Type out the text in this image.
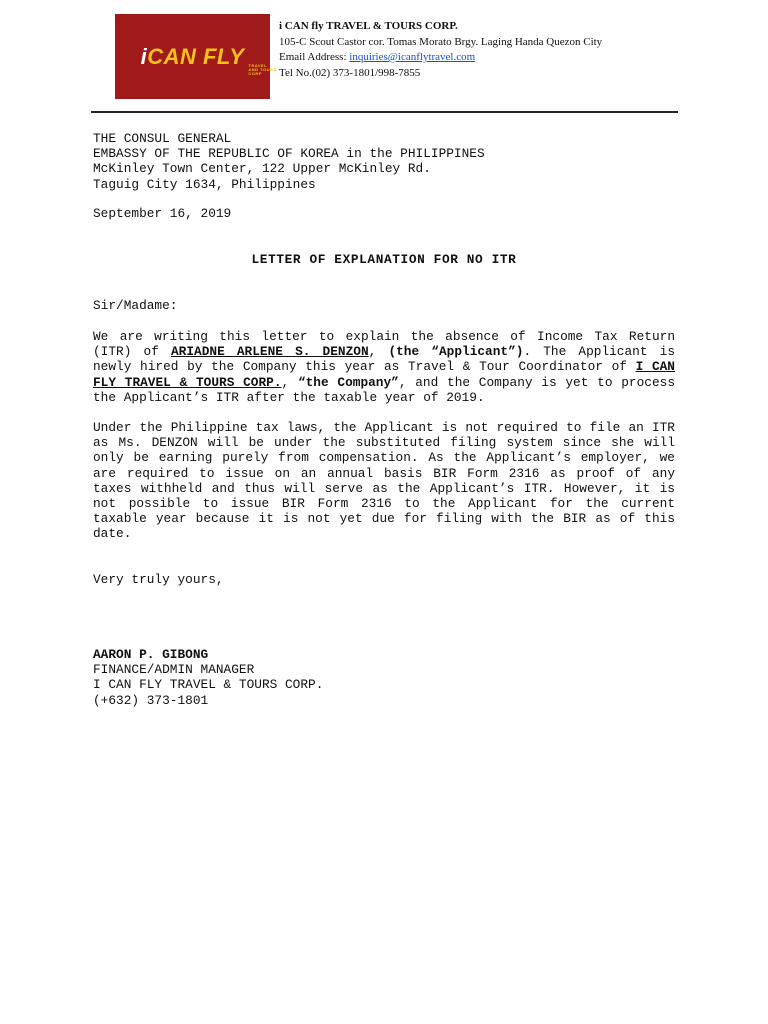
iCAN FLY TRAVEL AND TOURS CORP
i CAN fly TRAVEL & TOURS CORP.
105-C Scout Castor cor. Tomas Morato Brgy. Laging Handa Quezon City
Email Address: inquiries@icanflytravel.com
Tel No.(02) 373-1801/998-7855
THE CONSUL GENERAL
EMBASSY OF THE REPUBLIC OF KOREA in the PHILIPPINES
McKinley Town Center, 122 Upper McKinley Rd.
Taguig City 1634, Philippines
September 16, 2019
LETTER OF EXPLANATION FOR NO ITR
Sir/Madame:
We are writing this letter to explain the absence of Income Tax Return (ITR) of ARIADNE ARLENE S. DENZON, (the “Applicant”). The Applicant is newly hired by the Company this year as Travel & Tour Coordinator of I CAN FLY TRAVEL & TOURS CORP., “the Company”, and the Company is yet to process the Applicant’s ITR after the taxable year of 2019.
Under the Philippine tax laws, the Applicant is not required to file an ITR as Ms. DENZON will be under the substituted filing system since she will only be earning purely from compensation. As the Applicant’s employer, we are required to issue on an annual basis BIR Form 2316 as proof of any taxes withheld and thus will serve as the Applicant’s ITR. However, it is not possible to issue BIR Form 2316 to the Applicant for the current taxable year because it is not yet due for filing with the BIR as of this date.
Very truly yours,
AARON P. GIBONG
FINANCE/ADMIN MANAGER
I CAN FLY TRAVEL & TOURS CORP.
(+632) 373-1801
